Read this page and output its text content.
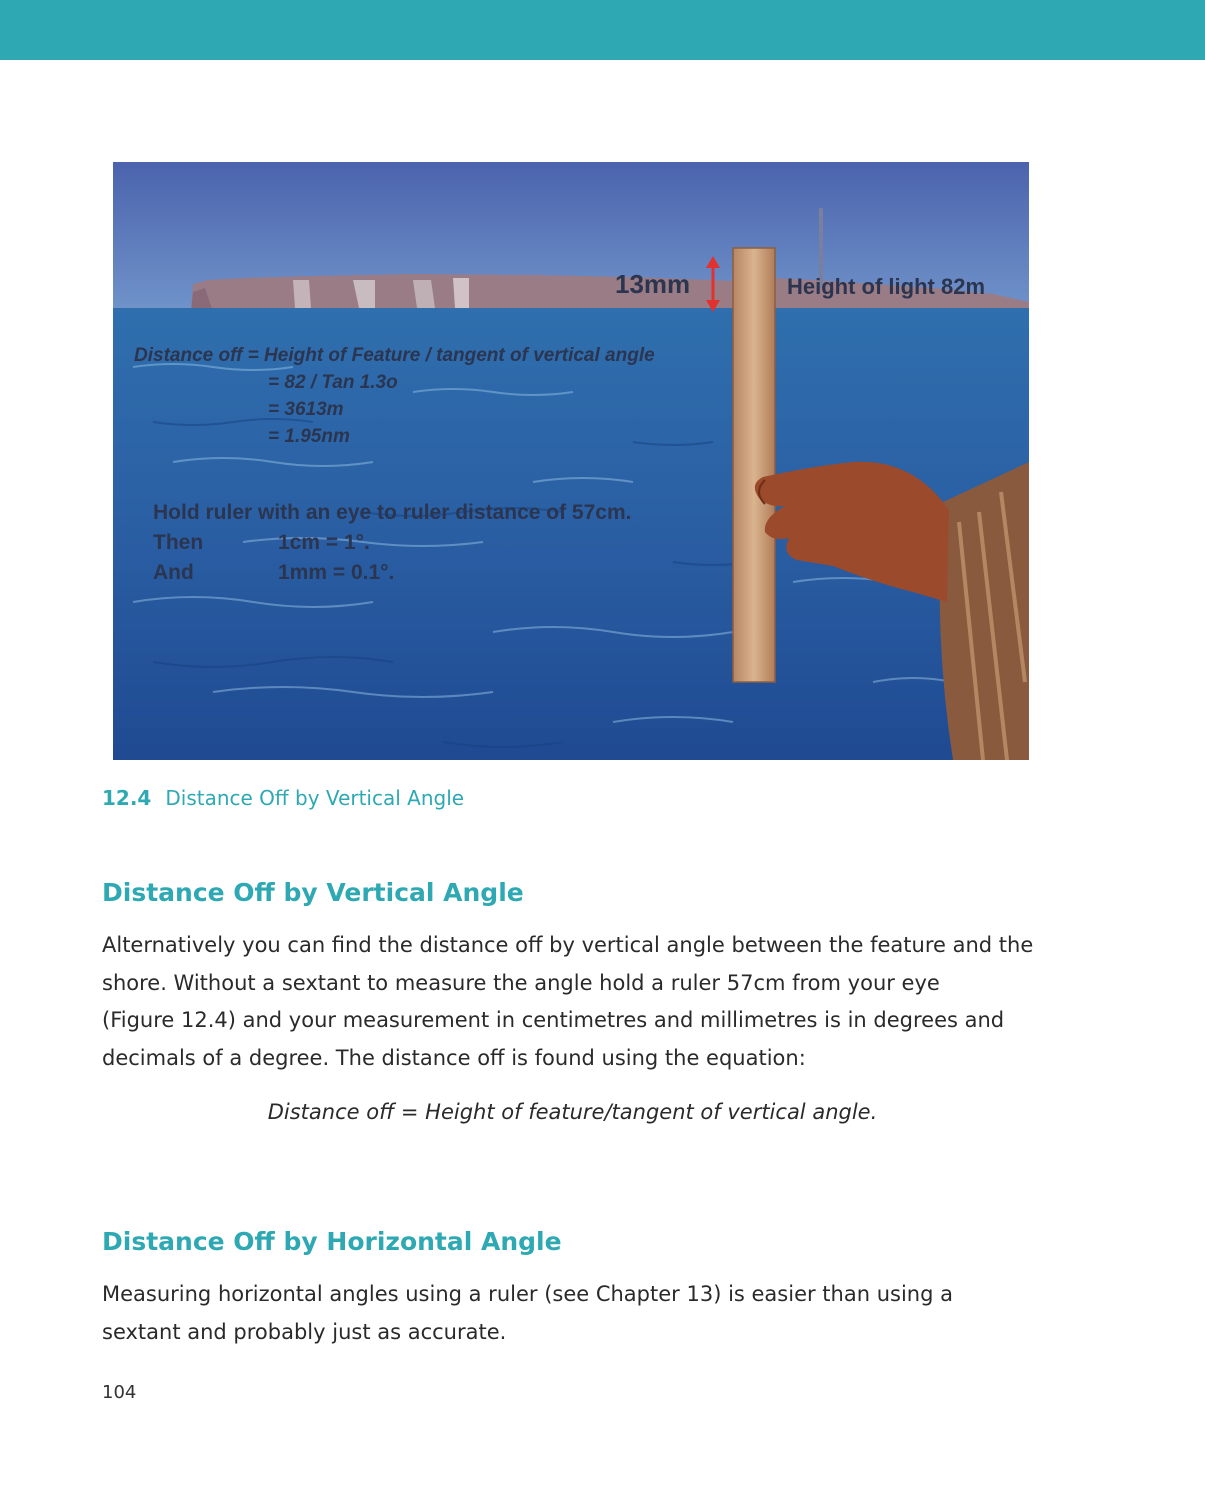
13mm	Height of light 82m
Distance off = Height of Feature / tangent of vertical angle
= 82 / Tan 1.3o
= 3613m
= 1.95nm
Hold ruler with an eye to ruler distance of 57cm.
Then	1cm = 1°.
And	1mm = 0.1°.
12.4 Distance Off by Vertical Angle
Distance Off by Vertical Angle

Alternatively you can find the distance off by vertical angle between the feature and the
shore. Without a sextant to measure the angle hold a ruler 57cm from your eye
(Figure 12.4) and your measurement in centimetres and millimetres is in degrees and
decimals of a degree. The distance off is found using the equation:

Distance off = Height of feature/tangent of vertical angle.
Distance Off by Horizontal Angle

Measuring horizontal angles using a ruler (see Chapter 13) is easier than using a
sextant and probably just as accurate.

104
